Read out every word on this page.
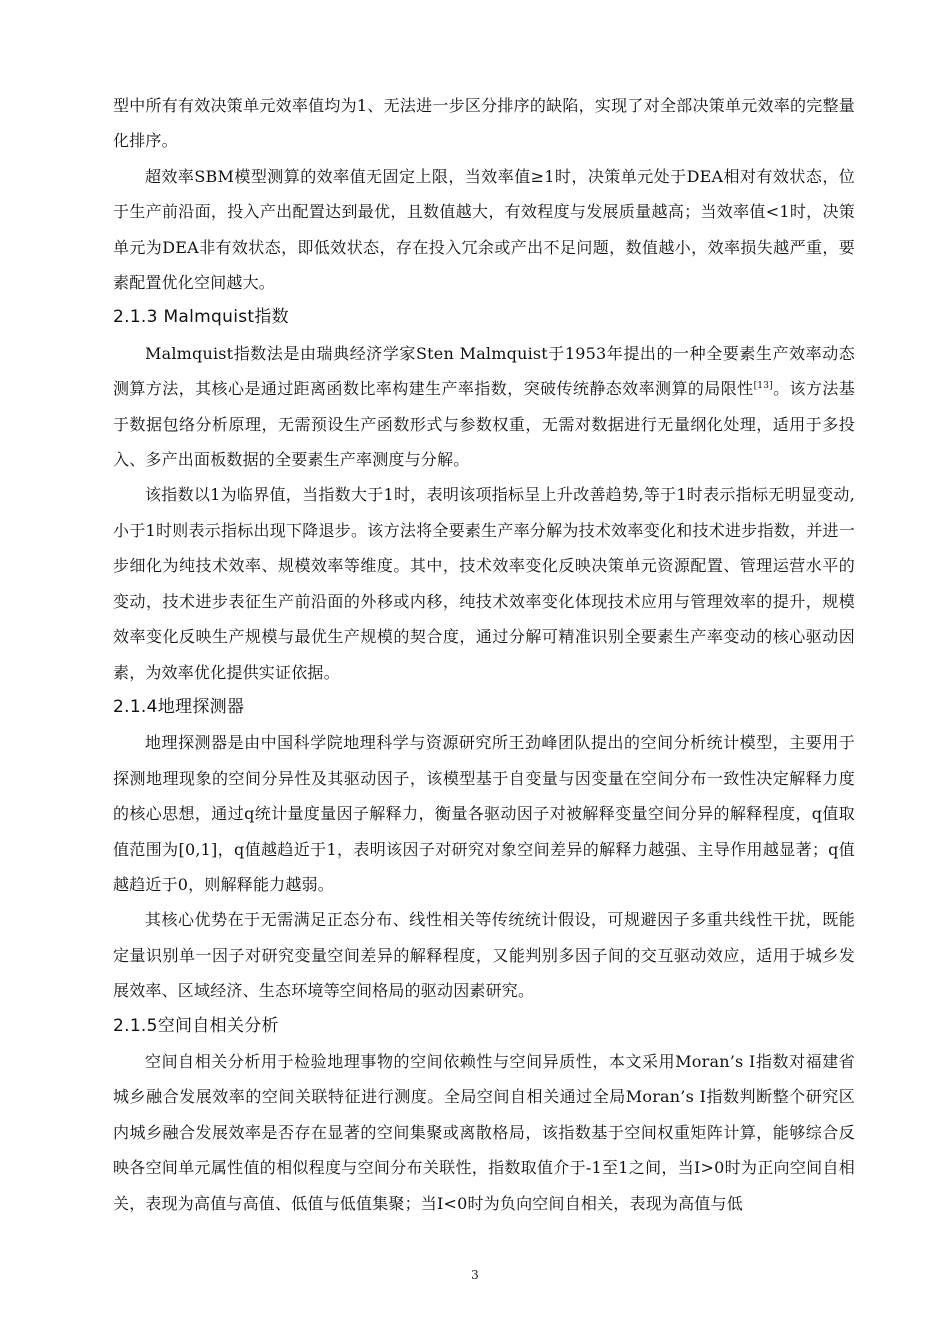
型中所有有效决策单元效率值均为1、无法进一步区分排序的缺陷，实现了对全部决策单元效率的完整量化排序。

超效率SBM模型测算的效率值无固定上限，当效率值≥1时，决策单元处于DEA相对有效状态，位于生产前沿面，投入产出配置达到最优，且数值越大，有效程度与发展质量越高；当效率值<1时，决策单元为DEA非有效状态，即低效状态，存在投入冗余或产出不足问题，数值越小，效率损失越严重，要素配置优化空间越大。

2.1.3 Malmquist指数

Malmquist指数法是由瑞典经济学家Sten Malmquist于1953年提出的一种全要素生产效率动态测算方法，其核心是通过距离函数比率构建生产率指数，突破传统静态效率测算的局限性[13]。该方法基于数据包络分析原理，无需预设生产函数形式与参数权重，无需对数据进行无量纲化处理，适用于多投入、多产出面板数据的全要素生产率测度与分解。

该指数以1为临界值，当指数大于1时，表明该项指标呈上升改善趋势,等于1时表示指标无明显变动,小于1时则表示指标出现下降退步。该方法将全要素生产率分解为技术效率变化和技术进步指数，并进一步细化为纯技术效率、规模效率等维度。其中，技术效率变化反映决策单元资源配置、管理运营水平的变动，技术进步表征生产前沿面的外移或内移，纯技术效率变化体现技术应用与管理效率的提升，规模效率变化反映生产规模与最优生产规模的契合度，通过分解可精准识别全要素生产率变动的核心驱动因素，为效率优化提供实证依据。

2.1.4地理探测器

地理探测器是由中国科学院地理科学与资源研究所王劲峰团队提出的空间分析统计模型，主要用于探测地理现象的空间分异性及其驱动因子，该模型基于自变量与因变量在空间分布一致性决定解释力度的核心思想，通过q统计量度量因子解释力，衡量各驱动因子对被解释变量空间分异的解释程度，q值取值范围为[0,1]，q值越趋近于1，表明该因子对研究对象空间差异的解释力越强、主导作用越显著；q值越趋近于0，则解释能力越弱。

其核心优势在于无需满足正态分布、线性相关等传统统计假设，可规避因子多重共线性干扰，既能定量识别单一因子对研究变量空间差异的解释程度，又能判别多因子间的交互驱动效应，适用于城乡发展效率、区域经济、生态环境等空间格局的驱动因素研究。

2.1.5空间自相关分析

空间自相关分析用于检验地理事物的空间依赖性与空间异质性，本文采用Moran’s I指数对福建省城乡融合发展效率的空间关联特征进行测度。全局空间自相关通过全局Moran’s I指数判断整个研究区内城乡融合发展效率是否存在显著的空间集聚或离散格局，该指数基于空间权重矩阵计算，能够综合反映各空间单元属性值的相似程度与空间分布关联性，指数取值介于-1至1之间，当I>0时为正向空间自相关，表现为高值与高值、低值与低值集聚；当I<0时为负向空间自相关，表现为高值与低

3
